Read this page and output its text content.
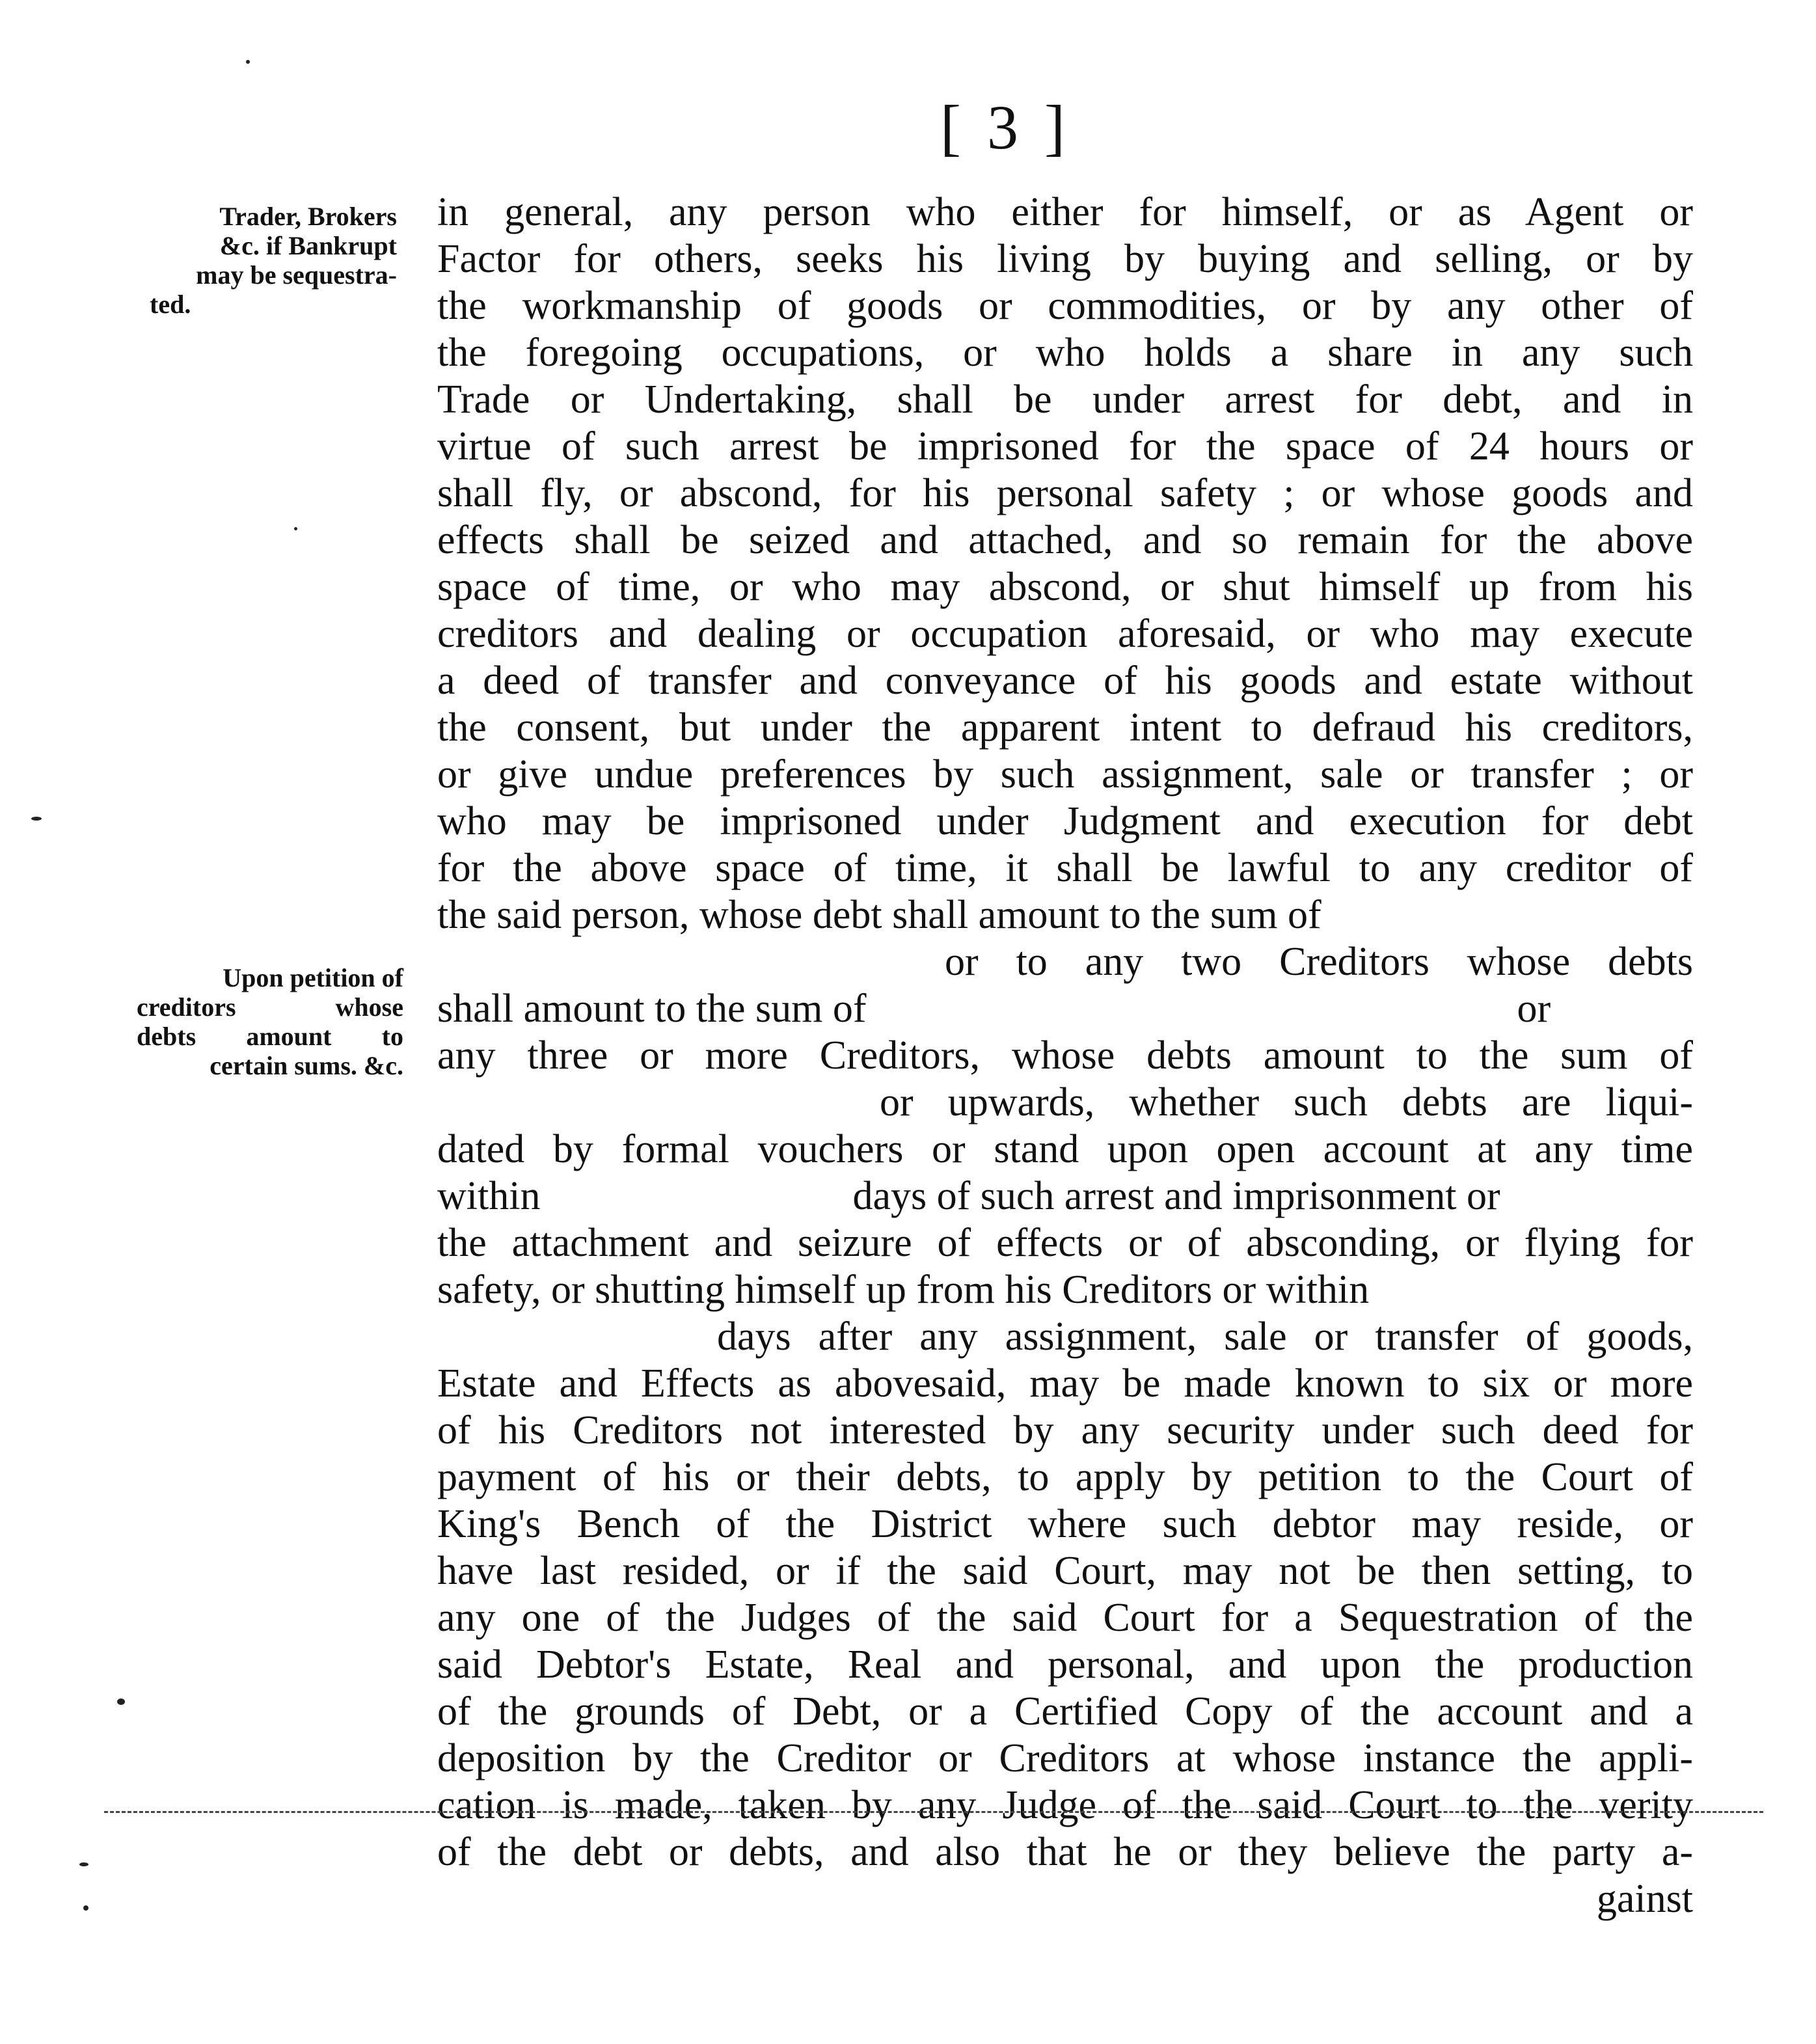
[ 3 ]
Trader, Brokers
&c. if Bankrupt
may be sequestra-
ted.
Upon petition of
creditors whose
debts amount to
certain sums. &c.
in general, any person who either for himself, or as Agent or
Factor for others, seeks his living by buying and selling, or by
the workmanship of goods or commodities, or by any other of
the foregoing occupations, or who holds a share in any such
Trade or Undertaking, shall be under arrest for debt, and in
virtue of such arrest be imprisoned for the space of 24 hours or
shall fly, or abscond, for his personal safety ; or whose goods and
effects shall be seized and attached, and so remain for the above
space of time, or who may abscond, or shut himself up from his
creditors and dealing or occupation aforesaid, or who may execute
a deed of transfer and conveyance of his goods and estate without
the consent, but under the apparent intent to defraud his creditors,
or give undue preferences by such assignment, sale or transfer ; or
who may be imprisoned under Judgment and execution for debt
for the above space of time, it shall be lawful to any creditor of
the said person, whose debt shall amount to the sum of
or to any two Creditors whose debts
shall amount to the sum of	or
any three or more Creditors, whose debts amount to the sum of
or upwards, whether such debts are liqui-
dated by formal vouchers or stand upon open account at any time
within	days of such arrest and imprisonment or
the attachment and seizure of effects or of absconding, or flying for
safety, or shutting himself up from his Creditors or within
days after any assignment, sale or transfer of goods,
Estate and Effects as abovesaid, may be made known to six or more
of his Creditors not interested by any security under such deed for
payment of his or their debts, to apply by petition to the Court of
King's Bench of the District where such debtor may reside, or
have last resided, or if the said Court, may not be then setting, to
any one of the Judges of the said Court for a Sequestration of the
said Debtor's Estate, Real and personal, and upon the production
of the grounds of Debt, or a Certified Copy of the account and a
deposition by the Creditor or Creditors at whose instance the appli-
cation is made, taken by any Judge of the said Court to the verity
of the debt or debts, and also that he or they believe the party a-
gainst
